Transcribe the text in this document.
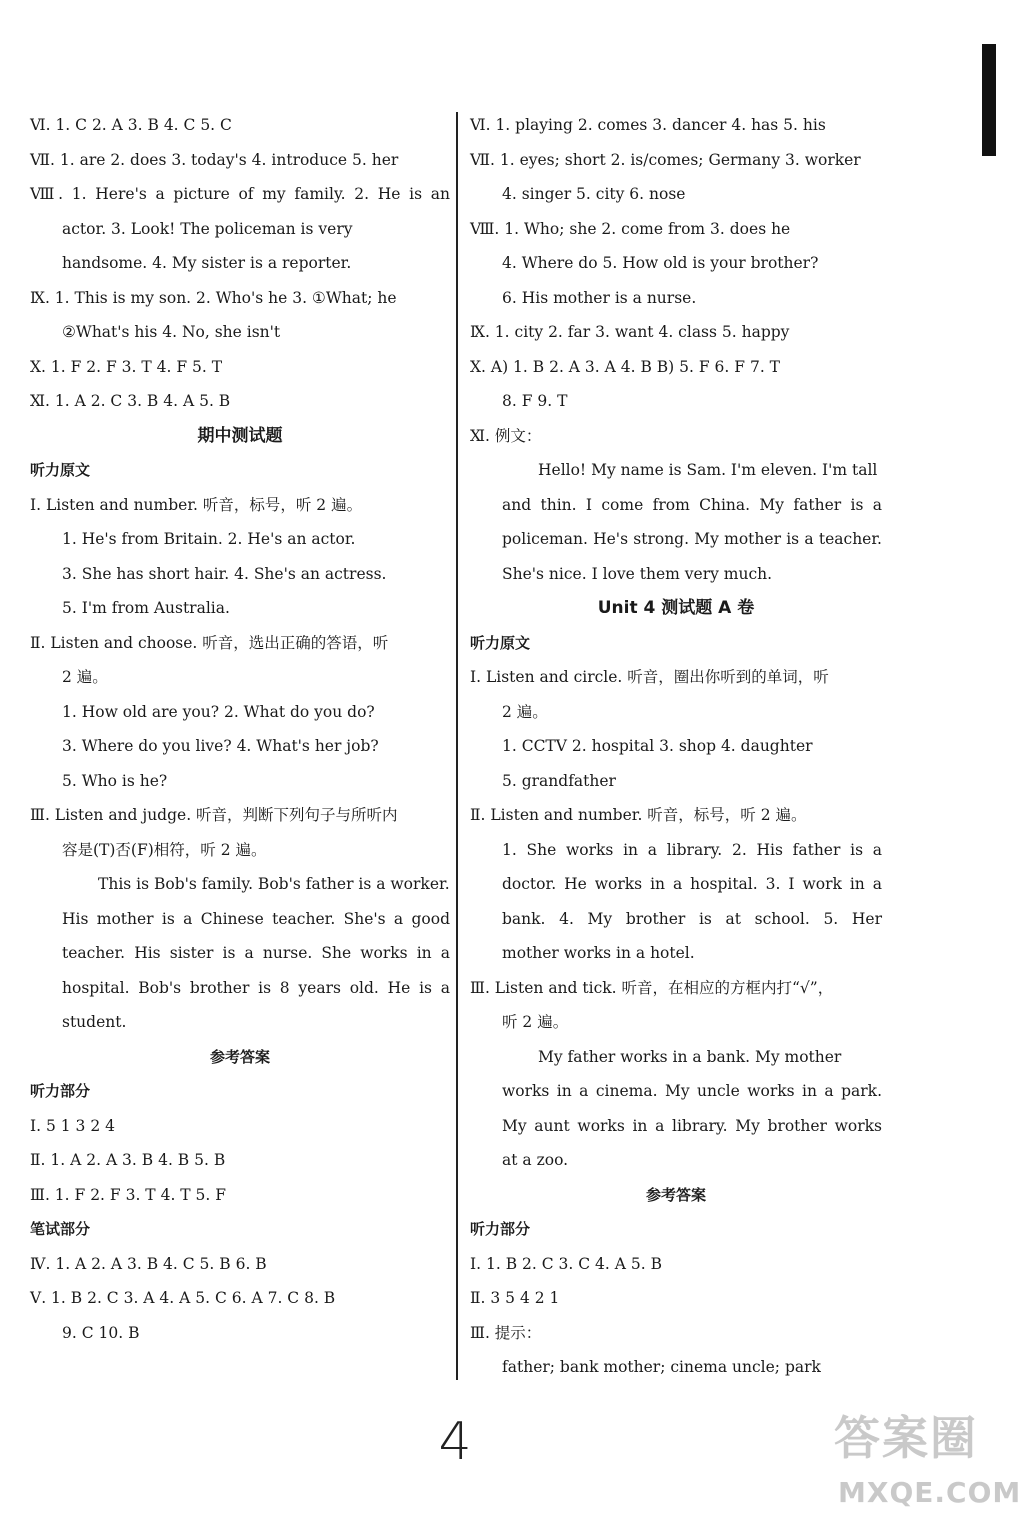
Ⅵ. 1. C 2. A 3. B 4. C 5. C
Ⅶ. 1. are 2. does 3. today's 4. introduce 5. her
Ⅷ. 1. Here's a picture of my family. 2. He is an
actor. 3. Look! The policeman is very
handsome. 4. My sister is a reporter.
Ⅸ. 1. This is my son. 2. Who's he 3. ①What; he
②What's his 4. No, she isn't
Ⅹ. 1. F 2. F 3. T 4. F 5. T
Ⅺ. 1. A 2. C 3. B 4. A 5. B
期中测试题
听力原文
Ⅰ. Listen and number. 听音，标号，听 2 遍。
1. He's from Britain. 2. He's an actor.
3. She has short hair. 4. She's an actress.
5. I'm from Australia.
Ⅱ. Listen and choose. 听音，选出正确的答语，听
2 遍。
1. How old are you? 2. What do you do?
3. Where do you live? 4. What's her job?
5. Who is he?
Ⅲ. Listen and judge. 听音，判断下列句子与所听内
容是(T)否(F)相符，听 2 遍。
This is Bob's family. Bob's father is a worker.
His mother is a Chinese teacher. She's a good
teacher. His sister is a nurse. She works in a
hospital. Bob's brother is 8 years old. He is a
student.
参考答案
听力部分
Ⅰ. 5 1 3 2 4
Ⅱ. 1. A 2. A 3. B 4. B 5. B
Ⅲ. 1. F 2. F 3. T 4. T 5. F
笔试部分
Ⅳ. 1. A 2. A 3. B 4. C 5. B 6. B
Ⅴ. 1. B 2. C 3. A 4. A 5. C 6. A 7. C 8. B
9. C 10. B
Ⅵ. 1. playing 2. comes 3. dancer 4. has 5. his
Ⅶ. 1. eyes; short 2. is/comes; Germany 3. worker
4. singer 5. city 6. nose
Ⅷ. 1. Who; she 2. come from 3. does he
4. Where do 5. How old is your brother?
6. His mother is a nurse.
Ⅸ. 1. city 2. far 3. want 4. class 5. happy
Ⅹ. A) 1. B 2. A 3. A 4. B B) 5. F 6. F 7. T
8. F 9. T
Ⅺ. 例文：
Hello! My name is Sam. I'm eleven. I'm tall
and thin. I come from China. My father is a
policeman. He's strong. My mother is a teacher.
She's nice. I love them very much.
Unit 4 测试题 A 卷
听力原文
Ⅰ. Listen and circle. 听音，圈出你听到的单词，听
2 遍。
1. CCTV 2. hospital 3. shop 4. daughter
5. grandfather
Ⅱ. Listen and number. 听音，标号，听 2 遍。
1. She works in a library. 2. His father is a
doctor. He works in a hospital. 3. I work in a
bank. 4. My brother is at school. 5. Her
mother works in a hotel.
Ⅲ. Listen and tick. 听音，在相应的方框内打“√”，
听 2 遍。
My father works in a bank. My mother
works in a cinema. My uncle works in a park.
My aunt works in a library. My brother works
at a zoo.
参考答案
听力部分
Ⅰ. 1. B 2. C 3. C 4. A 5. B
Ⅱ. 3 5 4 2 1
Ⅲ. 提示：
father; bank mother; cinema uncle; park
4	答案圈
MXQE.COM
